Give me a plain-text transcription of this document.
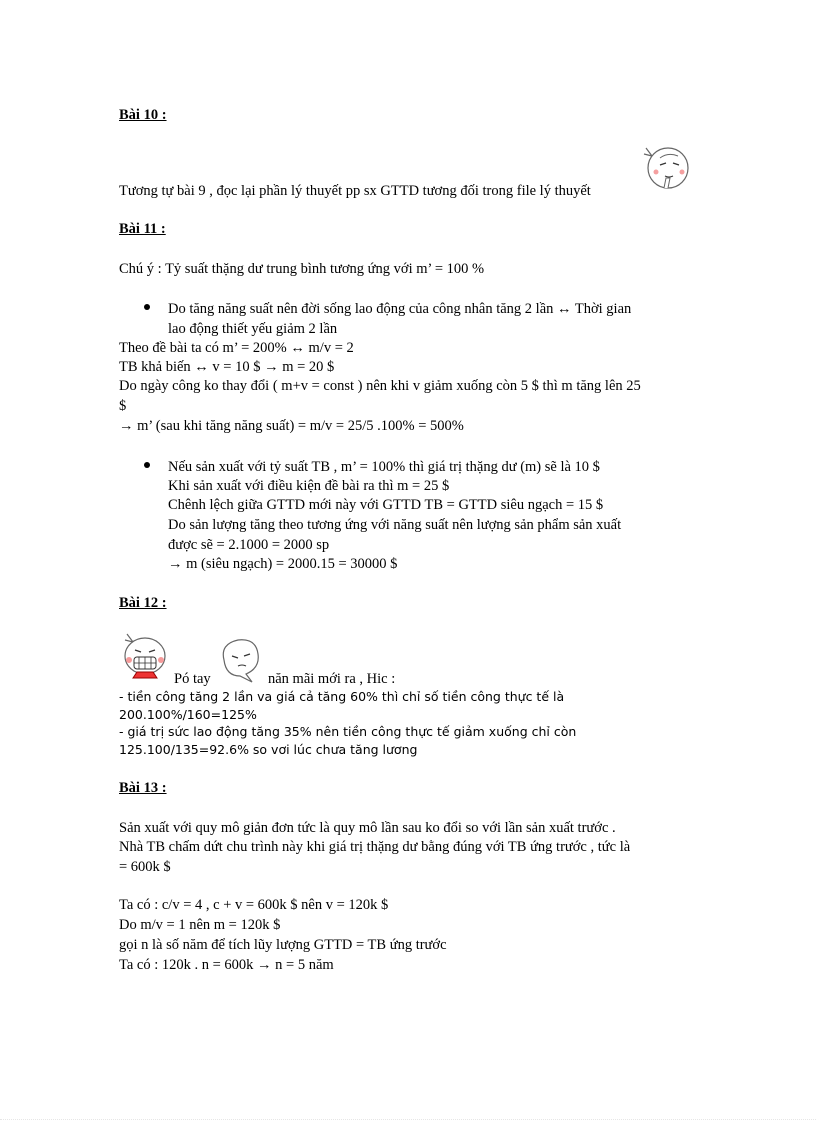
Bài 10 :
Tương tự bài 9 , đọc lại phần lý thuyết pp sx GTTD tương đối trong file lý thuyết
Bài 11 :
Chú ý : Tỷ suất thặng dư trung bình tương ứng với m’ = 100 %
Do tăng năng suất nên đời sống lao động của công nhân tăng 2 lần ↔ Thời gian
lao động thiết yếu giảm 2 lần
Theo đề bài ta có m’ = 200% ↔ m/v = 2
TB khả biến ↔ v = 10 $ → m = 20 $
Do ngày công ko thay đổi ( m+v = const ) nên khi v giảm xuống còn 5 $ thì m tăng lên 25
$
→ m’ (sau khi tăng năng suất) = m/v = 25/5 .100% = 500%
Nếu sản xuất với tỷ suất TB , m’ = 100% thì giá trị thặng dư (m) sẽ là 10 $
Khi sản xuất với điều kiện đề bài ra thì m = 25 $
Chênh lệch giữa GTTD mới này với GTTD TB = GTTD siêu ngạch = 15 $
Do sản lượng tăng theo tương ứng với năng suất nên lượng sản phẩm sản xuất
được sẽ = 2.1000 = 2000 sp
→ m (siêu ngạch) = 2000.15 = 30000 $
Bài 12 :
Pó tay	năn mãi mới ra , Hic :
- tiền công tăng 2 lần va giá cả tăng 60% thì chỉ số tiền công thực tế là
200.100%/160=125%
- giá trị sức lao động tăng 35% nên tiền công thực tế giảm xuống chỉ còn
125.100/135=92.6% so vơi lúc chưa tăng lương
Bài 13 :
Sản xuất với quy mô giản đơn tức là quy mô lần sau ko đổi so với lần sản xuất trước .
Nhà TB chấm dứt chu trình này khi giá trị thặng dư bằng đúng với TB ứng trước , tức là
= 600k $
Ta có : c/v = 4 , c + v = 600k $ nên v = 120k $
Do m/v = 1 nên m = 120k $
gọi n là số năm để tích lũy lượng GTTD = TB ứng trước
Ta có : 120k . n = 600k → n = 5 năm
